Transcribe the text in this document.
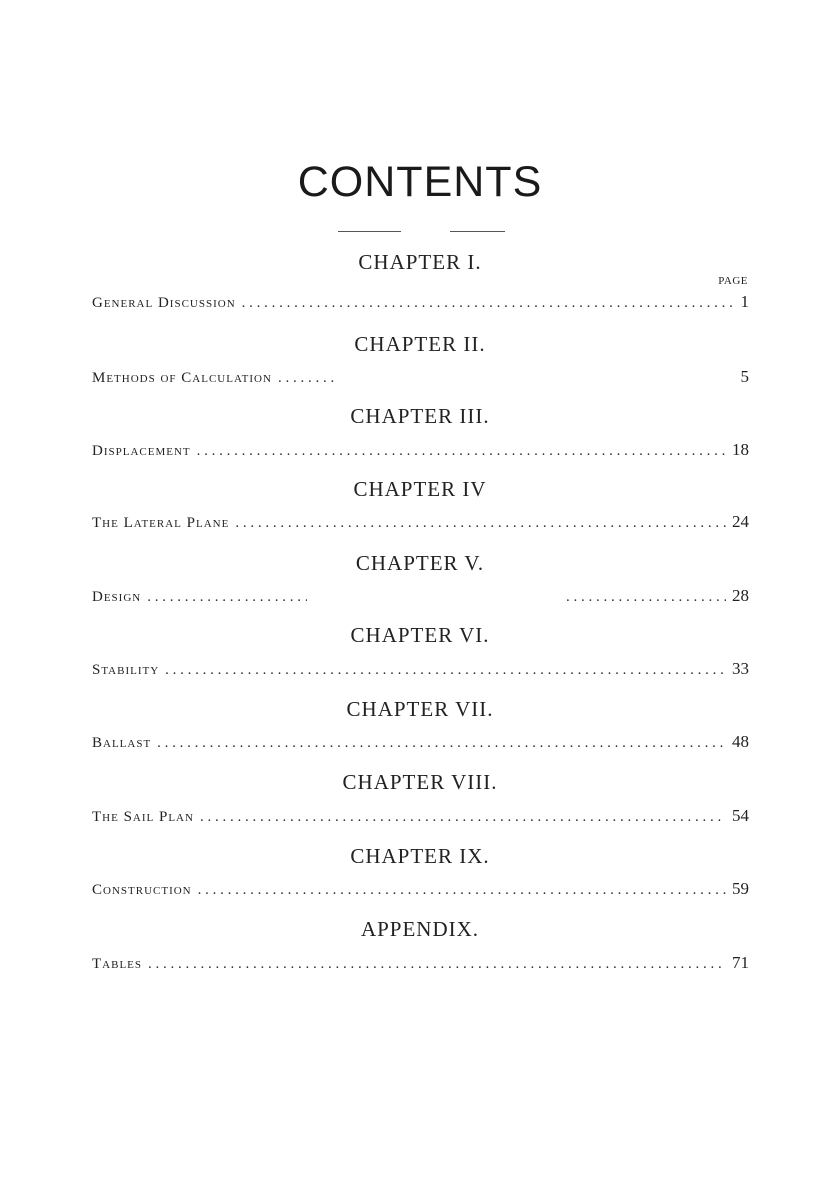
CONTENTS
PAGE
CHAPTER I.
General Discussion . . .	1
CHAPTER II.
Methods of Calculation . . .	5
CHAPTER III.
Displacement . . .	18
CHAPTER IV
The Lateral Plane . . .	24
CHAPTER V.
Design . . . . . .	28
CHAPTER VI.
Stability . . .	33
CHAPTER VII.
Ballast . . .	48
CHAPTER VIII.
The Sail Plan . . .	54
CHAPTER IX.
Construction . . .	59
APPENDIX.
Tables . . .	71
